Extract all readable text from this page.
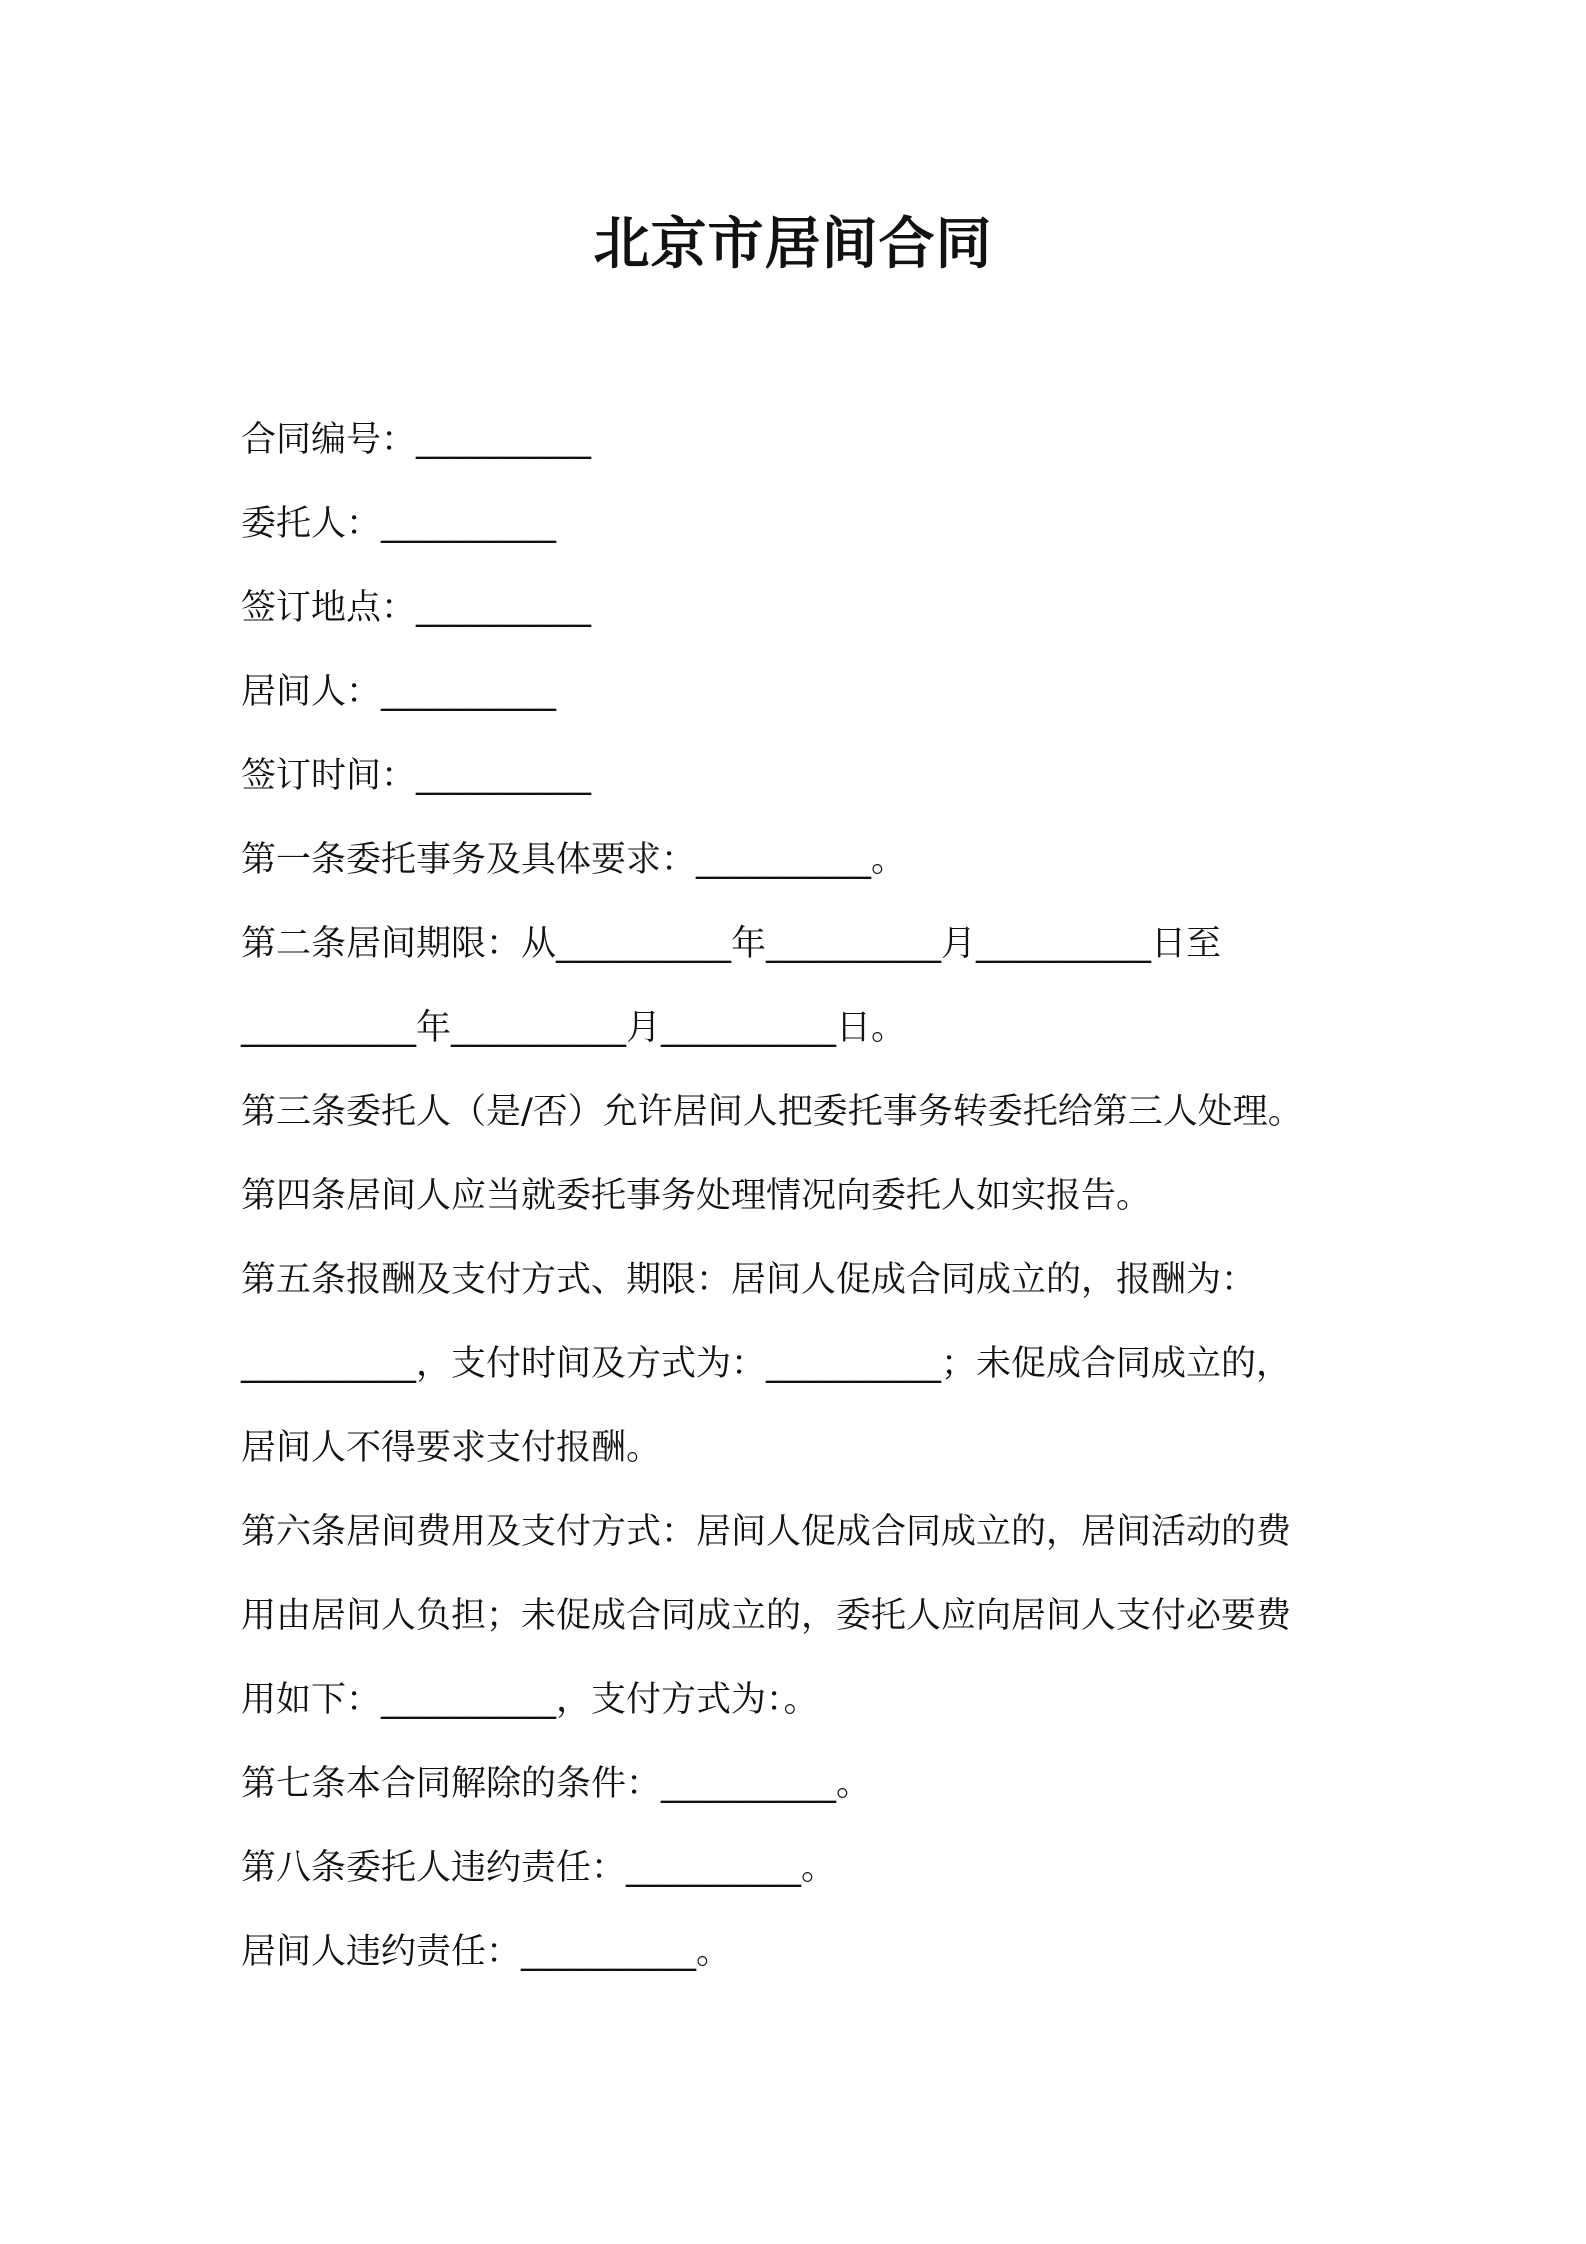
北京市居间合同

合同编号：__________

委托人：__________

签订地点：__________

居间人：__________

签订时间：__________

第一条委托事务及具体要求：__________。

第二条居间期限：从__________年__________月__________日至

__________年__________月__________日。

第三条委托人（是/否）允许居间人把委托事务转委托给第三人处理。

第四条居间人应当就委托事务处理情况向委托人如实报告。

第五条报酬及支付方式、期限：居间人促成合同成立的，报酬为：

__________，支付时间及方式为：__________；未促成合同成立的，

居间人不得要求支付报酬。

第六条居间费用及支付方式：居间人促成合同成立的，居间活动的费

用由居间人负担；未促成合同成立的，委托人应向居间人支付必要费

用如下：__________，支付方式为：。

第七条本合同解除的条件：__________。

第八条委托人违约责任：__________。

居间人违约责任：__________。
